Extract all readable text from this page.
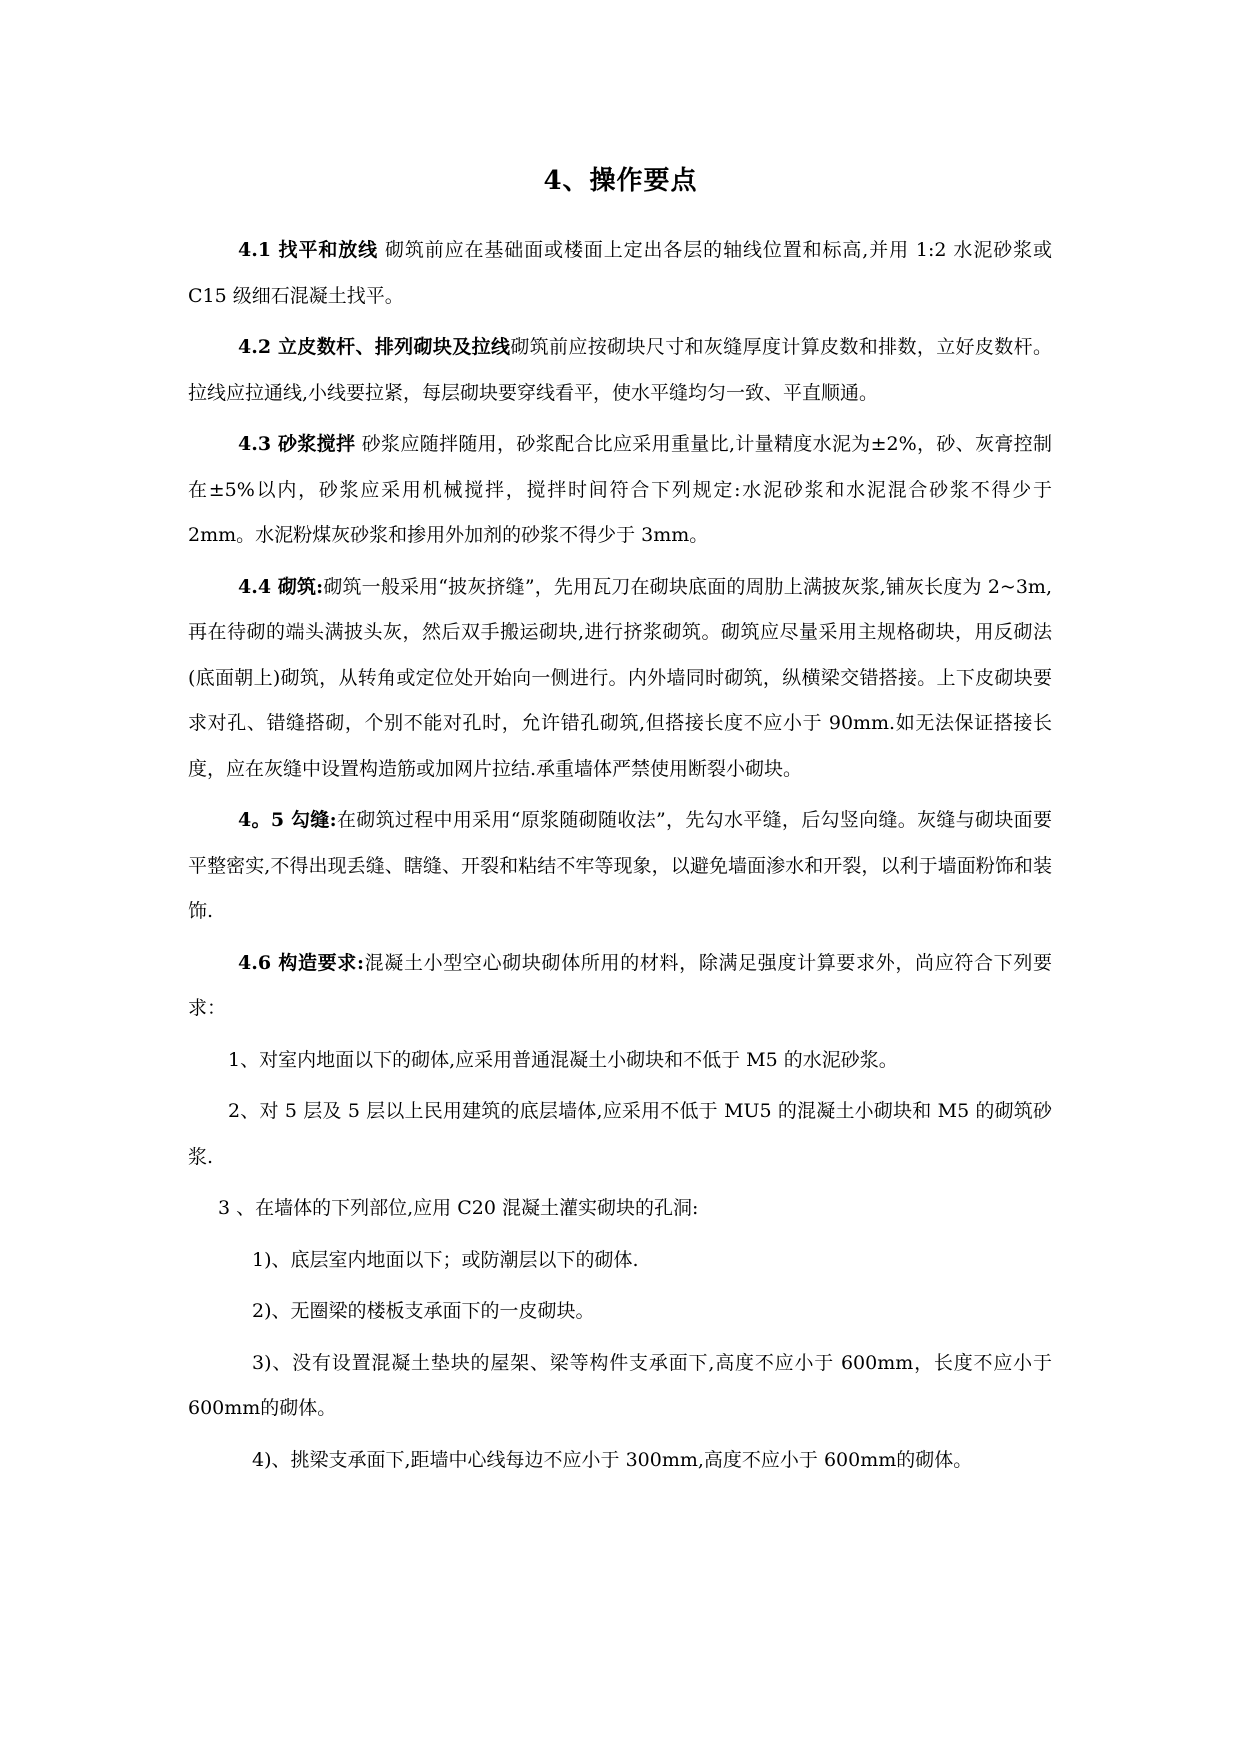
4、操作要点

4.1 找平和放线 砌筑前应在基础面或楼面上定出各层的轴线位置和标高,并用 1:2 水泥砂浆或 C15 级细石混凝土找平。

4.2 立皮数杆、排列砌块及拉线砌筑前应按砌块尺寸和灰缝厚度计算皮数和排数，立好皮数杆。拉线应拉通线,小线要拉紧，每层砌块要穿线看平，使水平缝均匀一致、平直顺通。

4.3 砂浆搅拌 砂浆应随拌随用，砂浆配合比应采用重量比,计量精度水泥为±2%，砂、灰膏控制在±5%以内，砂浆应采用机械搅拌，搅拌时间符合下列规定:水泥砂浆和水泥混合砂浆不得少于 2mm。水泥粉煤灰砂浆和掺用外加剂的砂浆不得少于 3mm。

4.4 砌筑:砌筑一般采用“披灰挤缝”，先用瓦刀在砌块底面的周肋上满披灰浆,铺灰长度为 2~3m,再在待砌的端头满披头灰，然后双手搬运砌块,进行挤浆砌筑。砌筑应尽量采用主规格砌块，用反砌法(底面朝上)砌筑，从转角或定位处开始向一侧进行。内外墙同时砌筑，纵横梁交错搭接。上下皮砌块要求对孔、错缝搭砌，个别不能对孔时，允许错孔砌筑,但搭接长度不应小于 90mm.如无法保证搭接长度，应在灰缝中设置构造筋或加网片拉结.承重墙体严禁使用断裂小砌块。

4。5 勾缝:在砌筑过程中用采用“原浆随砌随收法”，先勾水平缝，后勾竖向缝。灰缝与砌块面要平整密实,不得出现丢缝、瞎缝、开裂和粘结不牢等现象，以避免墙面渗水和开裂，以利于墙面粉饰和装饰.

4.6 构造要求:混凝土小型空心砌块砌体所用的材料，除满足强度计算要求外，尚应符合下列要求：

1、对室内地面以下的砌体,应采用普通混凝土小砌块和不低于 M5 的水泥砂浆。

2、对 5 层及 5 层以上民用建筑的底层墙体,应采用不低于 MU5 的混凝土小砌块和 M5 的砌筑砂浆.

3 、在墙体的下列部位,应用 C20 混凝土灌实砌块的孔洞:

1)、底层室内地面以下；或防潮层以下的砌体.

2)、无圈梁的楼板支承面下的一皮砌块。

3)、没有设置混凝土垫块的屋架、梁等构件支承面下,高度不应小于 600mm，长度不应小于 600mm的砌体。

4)、挑梁支承面下,距墙中心线每边不应小于 300mm,高度不应小于 600mm的砌体。
